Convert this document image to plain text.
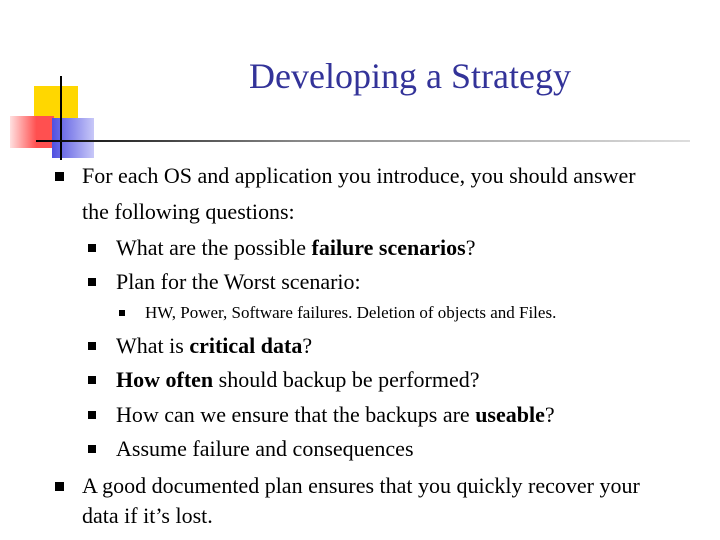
Developing a Strategy
For each OS and application you introduce, you should answer
the following questions:
What are the possible failure scenarios?
Plan for the Worst scenario:
HW, Power, Software failures. Deletion of objects and Files.
What is critical data?
How often should backup be performed?
How can we ensure that the backups are useable?
Assume failure and consequences
A good documented plan ensures that you quickly recover your
data if it’s lost.
